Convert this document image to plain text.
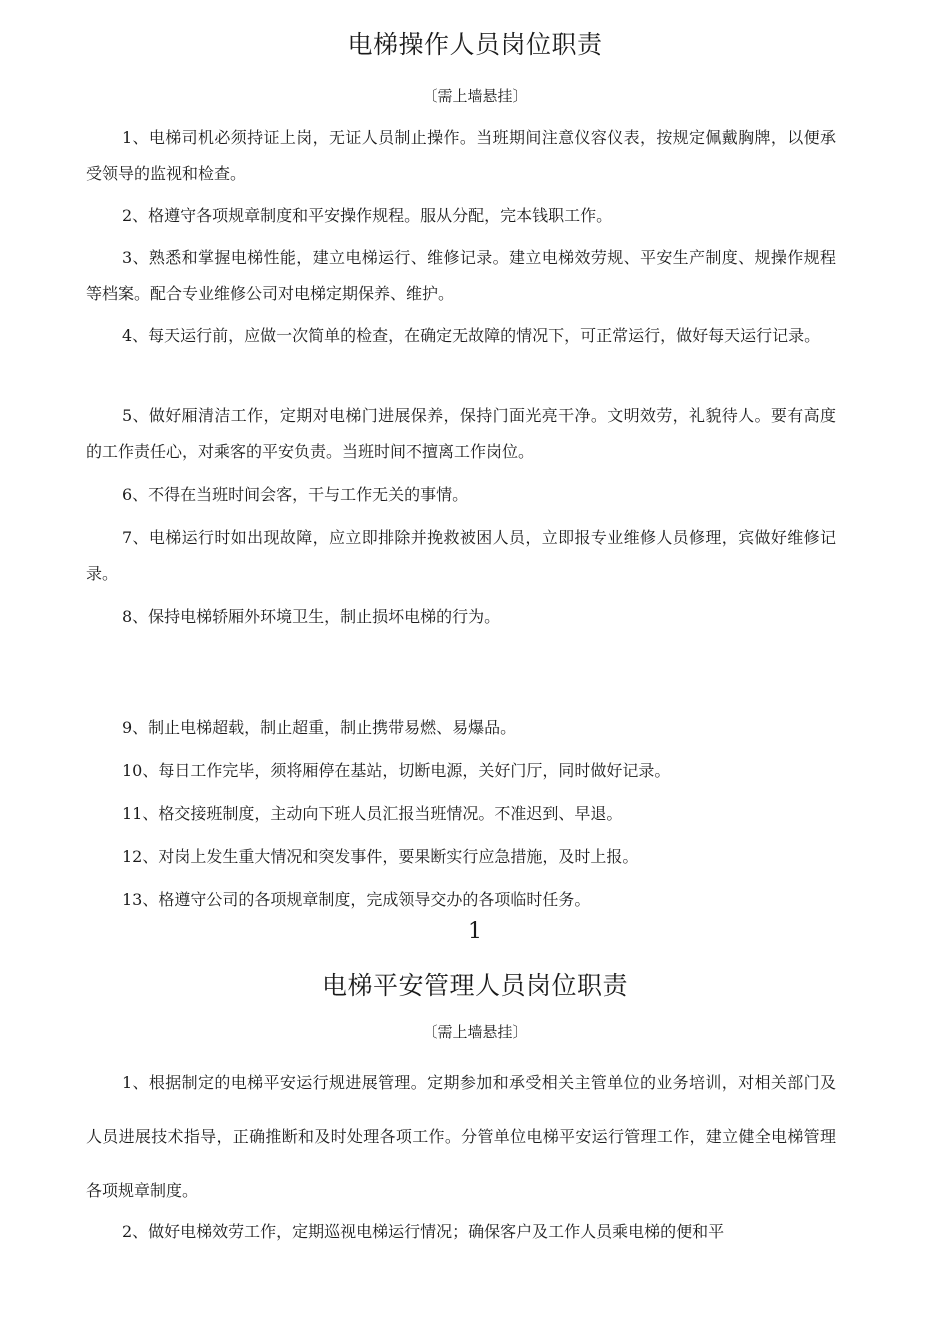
电梯操作人员岗位职责
〔需上墙悬挂〕

1、电梯司机必须持证上岗，无证人员制止操作。当班期间注意仪容仪表，按规定佩戴胸牌，以便承受领导的监视和检查。

2、格遵守各项规章制度和平安操作规程。服从分配，完本钱职工作。

3、熟悉和掌握电梯性能，建立电梯运行、维修记录。建立电梯效劳规、平安生产制度、规操作规程等档案。配合专业维修公司对电梯定期保养、维护。

4、每天运行前，应做一次简单的检查，在确定无故障的情况下，可正常运行，做好每天运行记录。

5、做好厢清洁工作，定期对电梯门进展保养，保持门面光亮干净。文明效劳，礼貌待人。要有高度的工作责任心，对乘客的平安负责。当班时间不擅离工作岗位。

6、不得在当班时间会客，干与工作无关的事情。

7、电梯运行时如出现故障，应立即排除并挽救被困人员，立即报专业维修人员修理，宾做好维修记录。

8、保持电梯轿厢外环境卫生，制止损坏电梯的行为。

9、制止电梯超载，制止超重，制止携带易燃、易爆品。

10、每日工作完毕，须将厢停在基站，切断电源，关好门厅，同时做好记录。

11、格交接班制度，主动向下班人员汇报当班情况。不准迟到、早退。

12、对岗上发生重大情况和突发事件，要果断实行应急措施，及时上报。

13、格遵守公司的各项规章制度，完成领导交办的各项临时任务。

1
电梯平安管理人员岗位职责
〔需上墙悬挂〕

1、根据制定的电梯平安运行规进展管理。定期参加和承受相关主管单位的业务培训，对相关部门及人员进展技术指导，正确推断和及时处理各项工作。分管单位电梯平安运行管理工作，建立健全电梯管理各项规章制度。

2、做好电梯效劳工作，定期巡视电梯运行情况；确保客户及工作人员乘电梯的便和平
